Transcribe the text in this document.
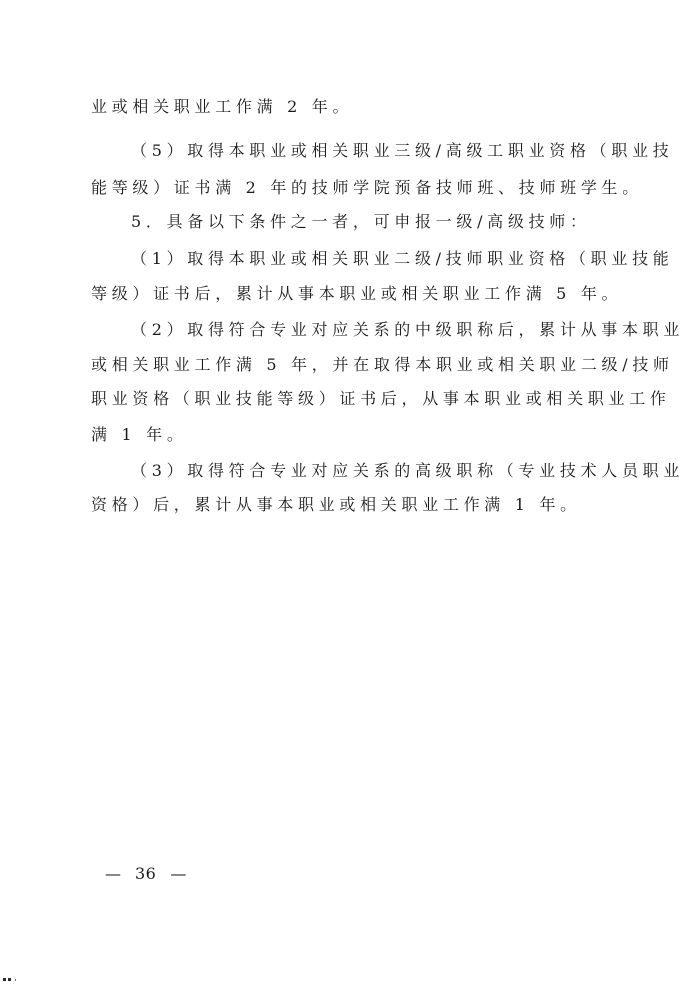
业或相关职业工作满 2 年。
（5）取得本职业或相关职业三级/高级工职业资格（职业技
能等级）证书满 2 年的技师学院预备技师班、技师班学生。
5．具备以下条件之一者，可申报一级/高级技师：
（1）取得本职业或相关职业二级/技师职业资格（职业技能
等级）证书后，累计从事本职业或相关职业工作满 5 年。
（2）取得符合专业对应关系的中级职称后，累计从事本职业
或相关职业工作满 5 年，并在取得本职业或相关职业二级/技师
职业资格（职业技能等级）证书后，从事本职业或相关职业工作
满 1 年。
（3）取得符合专业对应关系的高级职称（专业技术人员职业
资格）后，累计从事本职业或相关职业工作满 1 年。
— 36 —
